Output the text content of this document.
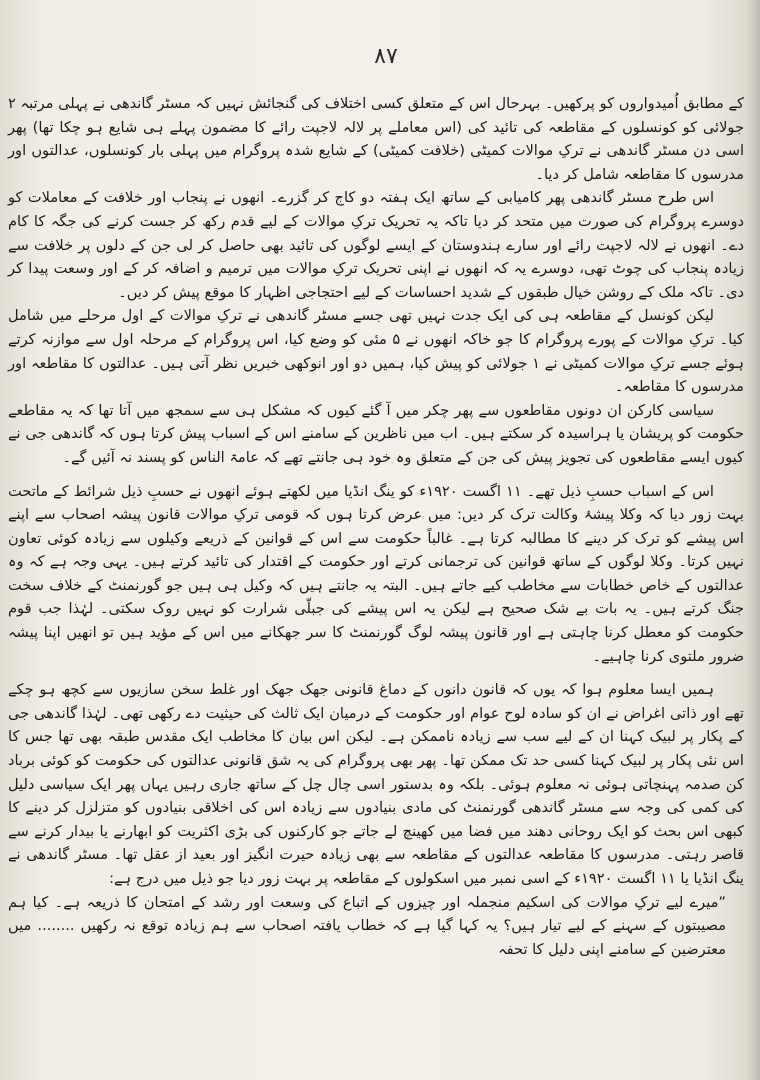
۸۷

کے مطابق اُمیدواروں کو پرکھیں۔ بہرحال اس کے متعلق کسی اختلاف کی گنجائش نہیں کہ مسٹر گاندھی نے پہلی مرتبہ ۲ جولائی کو کونسلوں کے مقاطعہ کی تائید کی (اس معاملے پر لالہ لاجپت رائے کا مضمون پہلے ہی شایع ہو چکا تھا) پھر اسی دن مسٹر گاندھی نے ترکِ موالات کمیٹی (خلافت کمیٹی) کے شایع شدہ پروگرام میں پہلی بار کونسلوں، عدالتوں اور مدرسوں کا مقاطعہ شامل کر دیا۔

اس طرح مسٹر گاندھی پھر کامیابی کے ساتھ ایک ہفتہ دو کاج کر گزرے۔ انھوں نے پنجاب اور خلافت کے معاملات کو دوسرے پروگرام کی صورت میں متحد کر دیا تاکہ یہ تحریک ترکِ موالات کے لیے قدم رکھ کر جست کرنے کی جگہ کا کام دے۔ انھوں نے لالہ لاجپت رائے اور سارے ہندوستان کے ایسے لوگوں کی تائید بھی حاصل کر لی جن کے دلوں پر خلافت سے زیادہ پنجاب کی چوٹ تھی، دوسرے یہ کہ انھوں نے اپنی تحریک ترکِ موالات میں ترمیم و اضافہ کر کے اور وسعت پیدا کر دی۔ تاکہ ملک کے روشن خیال طبقوں کے شدید احساسات کے لیے احتجاجی اظہار کا موقع پیش کر دیں۔

لیکن کونسل کے مقاطعہ ہی کی ایک جدت نہیں تھی جسے مسٹر گاندھی نے ترکِ موالات کے اول مرحلے میں شامل کیا۔ ترکِ موالات کے پورے پروگرام کا جو خاکہ انھوں نے ۵ مئی کو وضع کیا، اس پروگرام کے مرحلہ اول سے موازنہ کرتے ہوئے جسے ترکِ موالات کمیٹی نے ۱ جولائی کو پیش کیا، ہمیں دو اور انوکھی خبریں نظر آتی ہیں۔ عدالتوں کا مقاطعہ اور مدرسوں کا مقاطعہ۔

سیاسی کارکن ان دونوں مقاطعوں سے پھر چکر میں آ گئے کیوں کہ مشکل ہی سے سمجھ میں آتا تھا کہ یہ مقاطعے حکومت کو پریشان یا ہراسیدہ کر سکتے ہیں۔ اب میں ناظرین کے سامنے اس کے اسباب پیش کرتا ہوں کہ گاندھی جی نے کیوں ایسے مقاطعوں کی تجویز پیش کی جن کے متعلق وہ خود ہی جانتے تھے کہ عامۃ الناس کو پسند نہ آئیں گے۔

اس کے اسباب حسبِ ذیل تھے۔ ۱۱ اگست ۱۹۲۰ء کو ینگ انڈیا میں لکھتے ہوئے انھوں نے حسبِ ذیل شرائط کے ماتحت بہت زور دیا کہ وکلا پیشۂ وکالت ترک کر دیں: میں عرض کرتا ہوں کہ قومی ترکِ موالات قانون پیشہ اصحاب سے اپنے اس پیشے کو ترک کر دینے کا مطالبہ کرتا ہے۔ غالباً حکومت سے اس کے قوانین کے ذریعے وکیلوں سے زیادہ کوئی تعاون نہیں کرتا۔ وکلا لوگوں کے ساتھ قوانین کی ترجمانی کرتے اور حکومت کے اقتدار کی تائید کرتے ہیں۔ یہی وجہ ہے کہ وہ عدالتوں کے خاص خطابات سے مخاطب کیے جاتے ہیں۔ البتہ یہ جانتے ہیں کہ وکیل ہی ہیں جو گورنمنٹ کے خلاف سخت جنگ کرتے ہیں۔ یہ بات بے شک صحیح ہے لیکن یہ اس پیشے کی جبلّی شرارت کو نہیں روک سکتی۔ لہٰذا جب قوم حکومت کو معطل کرنا چاہتی ہے اور قانون پیشہ لوگ گورنمنٹ کا سر جھکانے میں اس کے مؤید ہیں تو انھیں اپنا پیشہ ضرور ملتوی کرنا چاہیے۔

ہمیں ایسا معلوم ہوا کہ یوں کہ قانون دانوں کے دماغ قانونی جھک جھک اور غلط سخن سازیوں سے کچھ ہو چکے تھے اور ذاتی اغراض نے ان کو سادہ لوح عوام اور حکومت کے درمیان ایک ثالث کی حیثیت دے رکھی تھی۔ لہٰذا گاندھی جی کے پکار پر لبیک کہنا ان کے لیے سب سے زیادہ ناممکن ہے۔ لیکن اس بیان کا مخاطب ایک مقدس طبقہ بھی تھا جس کا اس نئی پکار پر لبیک کہنا کسی حد تک ممکن تھا۔ پھر بھی پروگرام کی یہ شق قانونی عدالتوں کی حکومت کو کوئی برباد کن صدمہ پہنچاتی ہوئی نہ معلوم ہوئی۔ بلکہ وہ بدستور اسی چال چل کے ساتھ جاری رہیں یہاں پھر ایک سیاسی دلیل کی کمی کی وجہ سے مسٹر گاندھی گورنمنٹ کی مادی بنیادوں سے زیادہ اس کی اخلاقی بنیادوں کو متزلزل کر دینے کا کبھی اس بحث کو ایک روحانی دھند میں فضا میں کھینچ لے جاتے جو کارکنوں کی بڑی اکثریت کو ابھارنے یا بیدار کرنے سے قاصر رہتی۔ مدرسوں کا مقاطعہ عدالتوں کے مقاطعہ سے بھی زیادہ حیرت انگیز اور بعید از عقل تھا۔ مسٹر گاندھی نے ینگ انڈیا یا ۱۱ اگست ۱۹۲۰ء کے اسی نمبر میں اسکولوں کے مقاطعہ پر بہت زور دیا جو ذیل میں درج ہے:

”میرے لیے ترکِ موالات کی اسکیم منجملہ اور چیزوں کے اتباع کی وسعت اور رشد کے امتحان کا ذریعہ ہے۔ کیا ہم مصیبتوں کے سہنے کے لیے تیار ہیں؟ یہ کہا گیا ہے کہ خطاب یافتہ اصحاب سے ہم زیادہ توقع نہ رکھیں ........ میں معترضین کے سامنے اپنی دلیل کا تحفہ
